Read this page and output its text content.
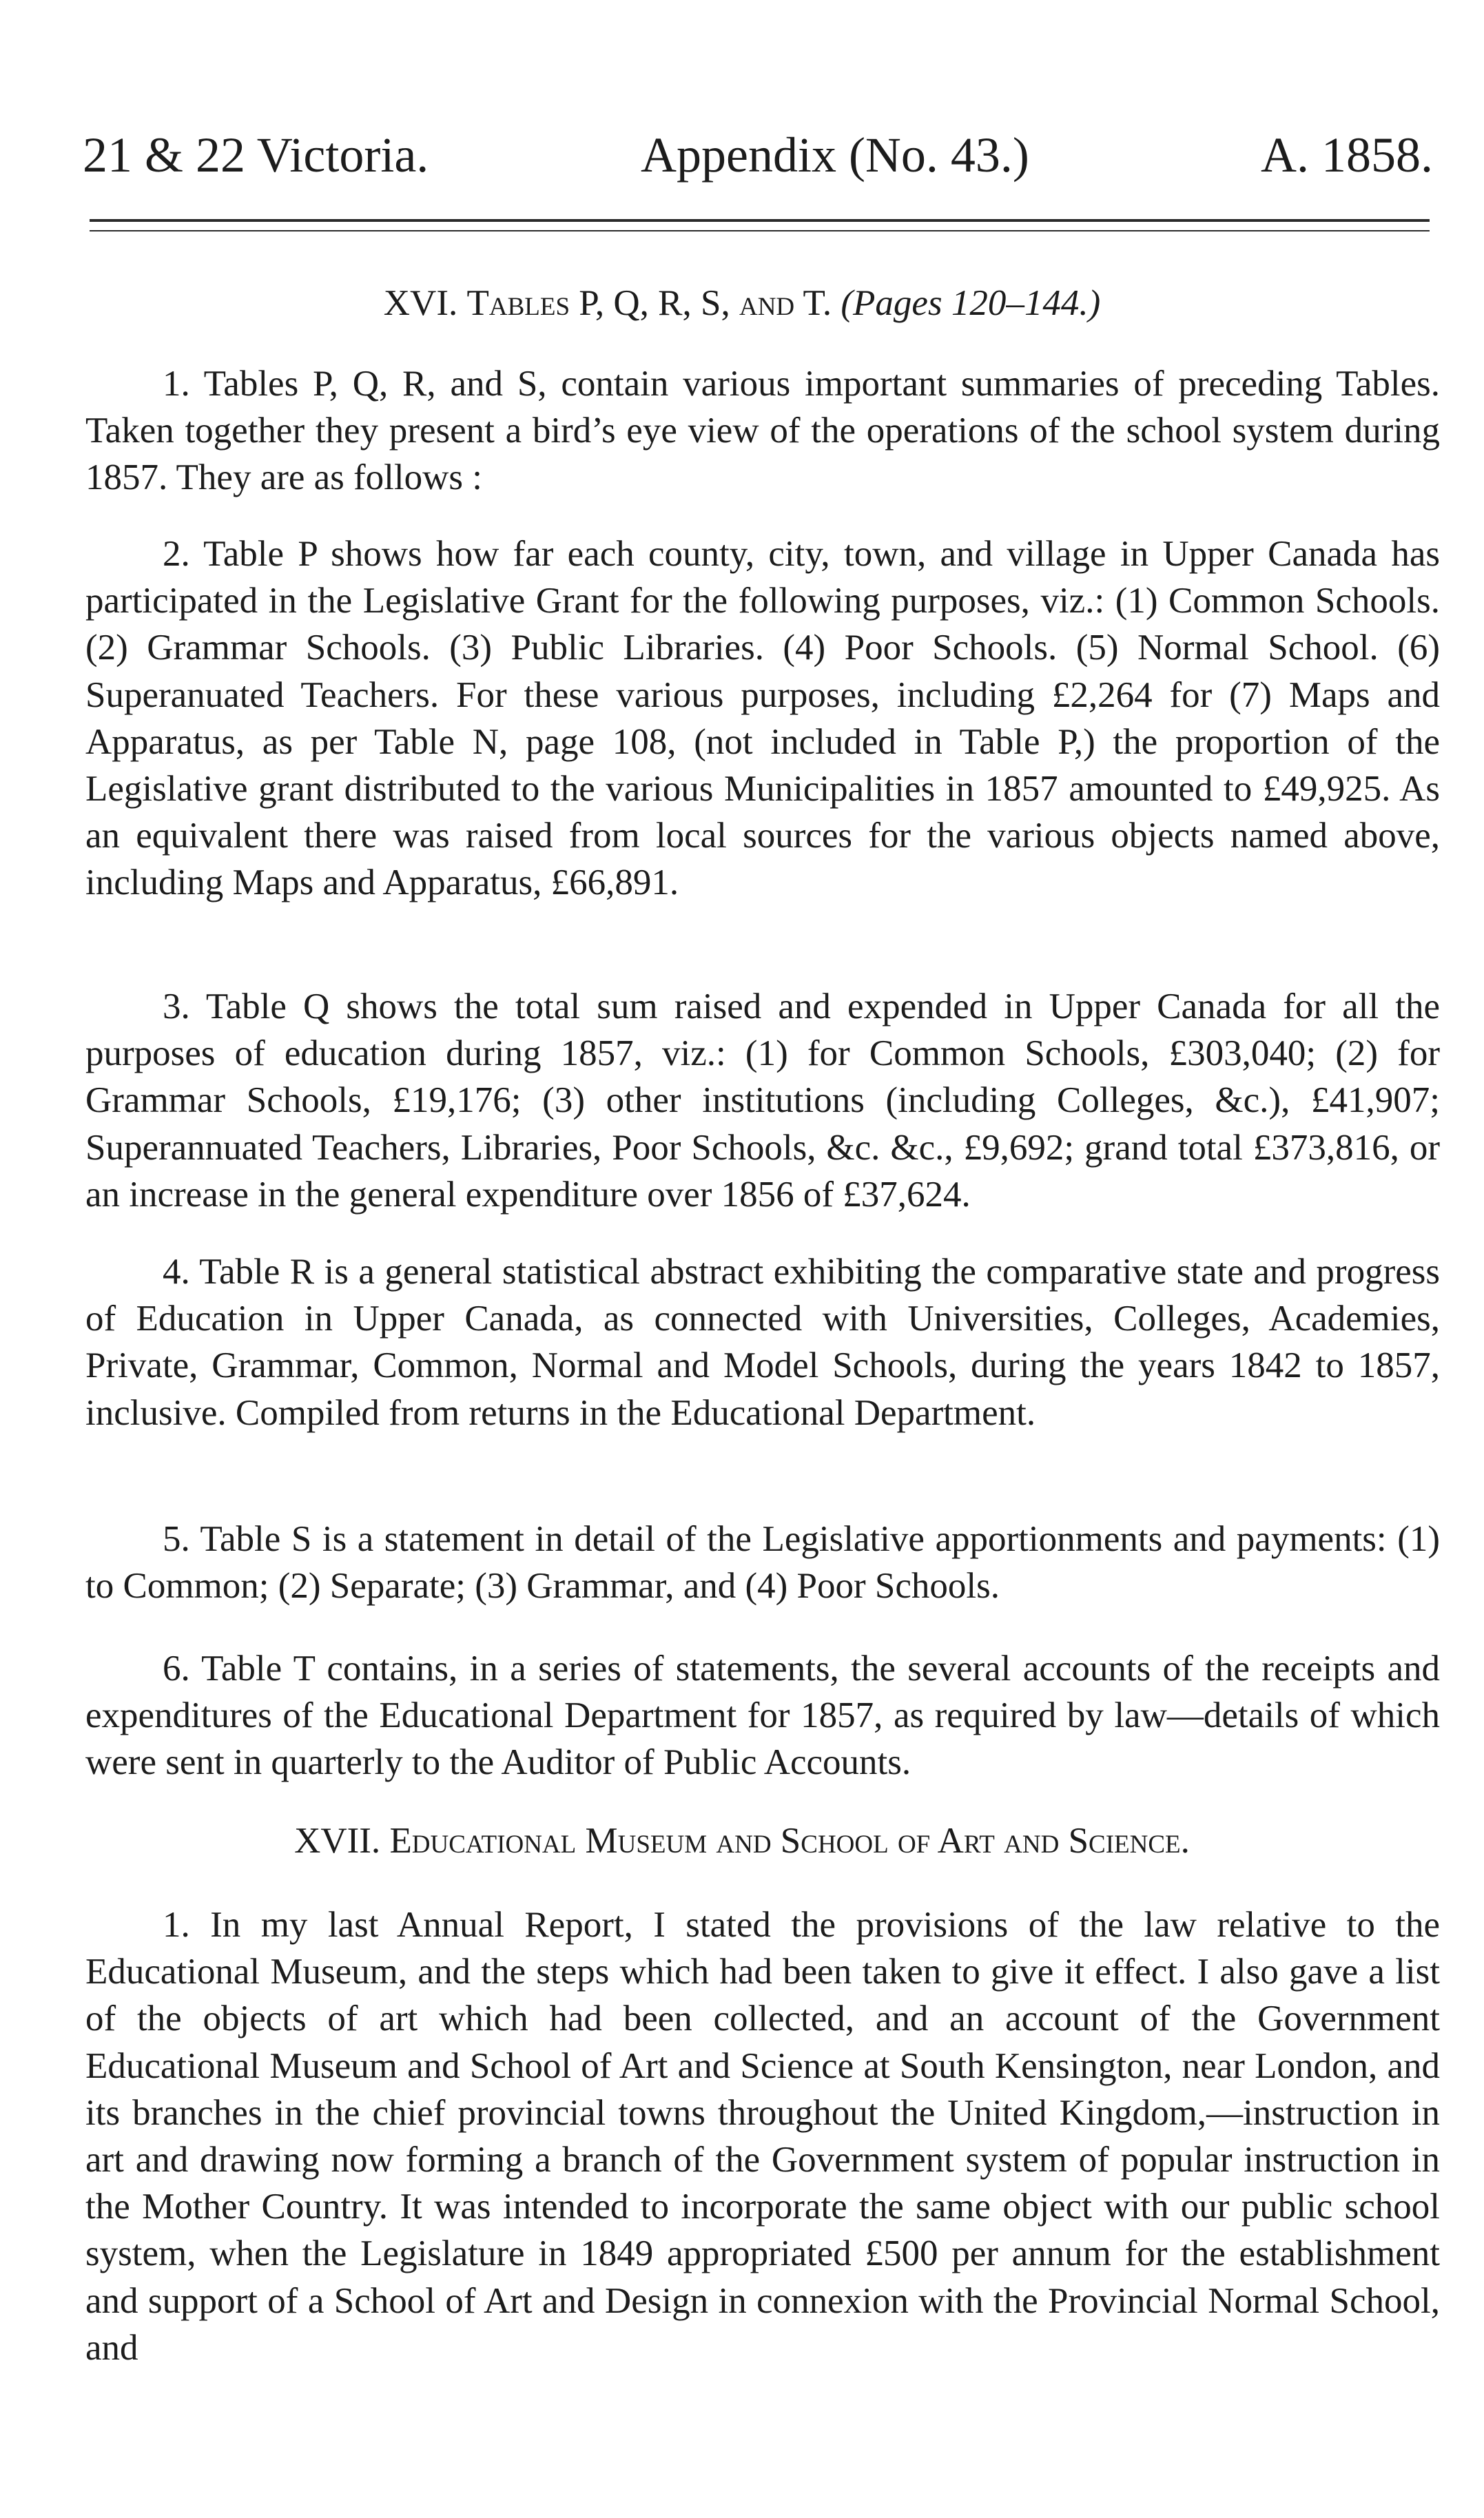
21 & 22 Victoria.	Appendix (No. 43.)	A. 1858.
XVI. Tables P, Q, R, S, and T. (Pages 120–144.)

1. Tables P, Q, R, and S, contain various important summaries of preceding Tables. Taken together they present a bird’s eye view of the operations of the school system during 1857. They are as follows :

2. Table P shows how far each county, city, town, and village in Upper Canada has participated in the Legislative Grant for the following purposes, viz.: (1) Common Schools. (2) Grammar Schools. (3) Public Libraries. (4) Poor Schools. (5) Normal School. (6) Superanuated Teachers. For these various purposes, including £2,264 for (7) Maps and Apparatus, as per Table N, page 108, (not included in Table P,) the proportion of the Legislative grant distributed to the various Municipalities in 1857 amounted to £49,925. As an equivalent there was raised from local sources for the various objects named above, including Maps and Apparatus, £66,891.

3. Table Q shows the total sum raised and expended in Upper Canada for all the purposes of education during 1857, viz.: (1) for Common Schools, £303,040; (2) for Grammar Schools, £19,176; (3) other institutions (including Colleges, &c.), £41,907; Superannuated Teachers, Libraries, Poor Schools, &c. &c., £9,692; grand total £373,816, or an increase in the general expenditure over 1856 of £37,624.

4. Table R is a general statistical abstract exhibiting the comparative state and progress of Education in Upper Canada, as connected with Universities, Colleges, Academies, Private, Grammar, Common, Normal and Model Schools, during the years 1842 to 1857, inclusive. Compiled from returns in the Educational Department.

5. Table S is a statement in detail of the Legislative apportionments and payments: (1) to Common; (2) Separate; (3) Grammar, and (4) Poor Schools.

6. Table T contains, in a series of statements, the several accounts of the receipts and expenditures of the Educational Department for 1857, as required by law—details of which were sent in quarterly to the Auditor of Public Accounts.

XVII. Educational Museum and School of Art and Science.

1. In my last Annual Report, I stated the provisions of the law relative to the Educational Museum, and the steps which had been taken to give it effect. I also gave a list of the objects of art which had been collected, and an account of the Government Educational Museum and School of Art and Science at South Kensington, near London, and its branches in the chief provincial towns throughout the United Kingdom,—instruction in art and drawing now forming a branch of the Government system of popular instruction in the Mother Country. It was intended to incorporate the same object with our public school system, when the Legislature in 1849 appropriated £500 per annum for the establishment and support of a School of Art and Design in connexion with the Provincial Normal School, and
